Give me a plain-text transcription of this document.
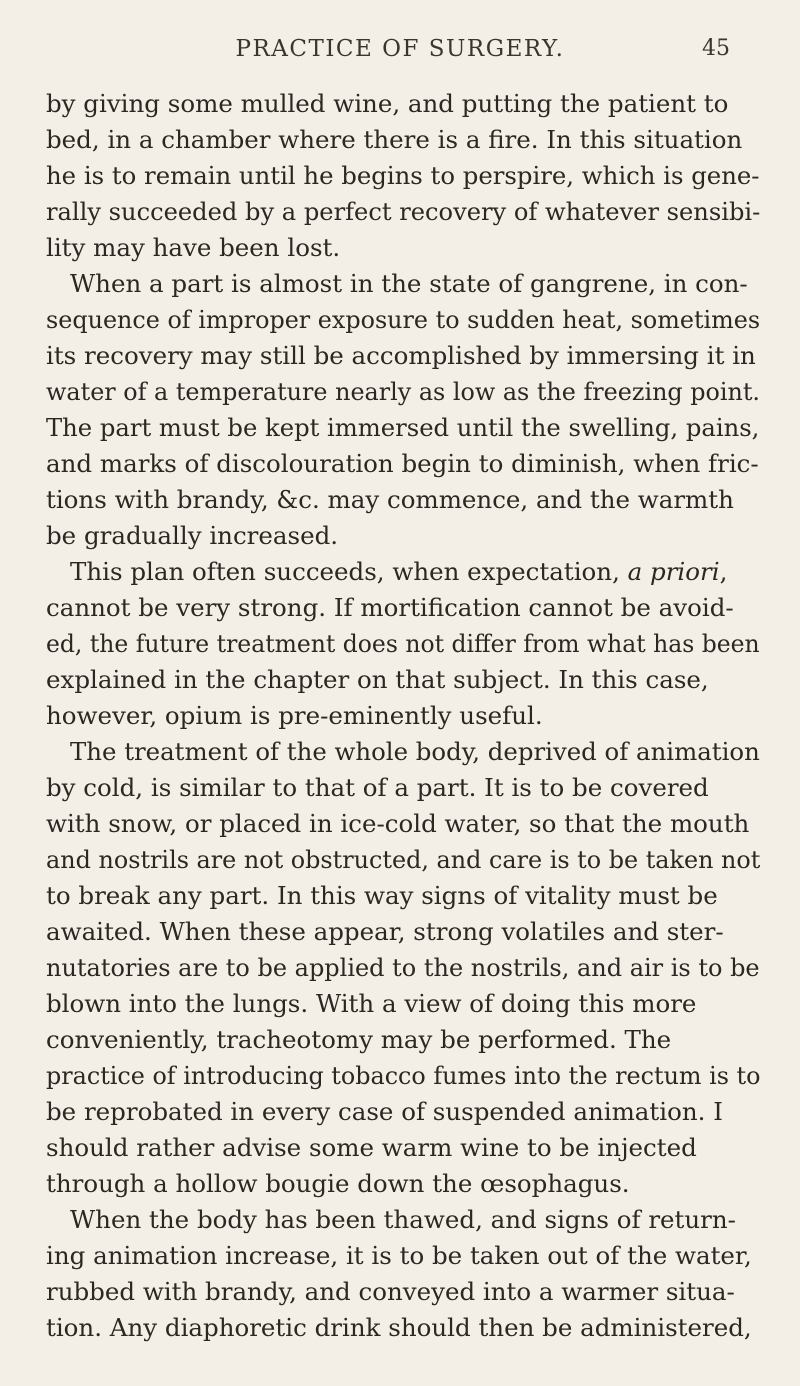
PRACTICE OF SURGERY.	45
by giving some mulled wine, and putting the patient to
bed, in a chamber where there is a fire. In this situation
he is to remain until he begins to perspire, which is gene-
rally succeeded by a perfect recovery of whatever sensibi-
lity may have been lost.
When a part is almost in the state of gangrene, in con-
sequence of improper exposure to sudden heat, sometimes
its recovery may still be accomplished by immersing it in
water of a temperature nearly as low as the freezing point.
The part must be kept immersed until the swelling, pains,
and marks of discolouration begin to diminish, when fric-
tions with brandy, &c. may commence, and the warmth
be gradually increased.
This plan often succeeds, when expectation, a priori,
cannot be very strong. If mortification cannot be avoid-
ed, the future treatment does not differ from what has been
explained in the chapter on that subject. In this case,
however, opium is pre-eminently useful.
The treatment of the whole body, deprived of animation
by cold, is similar to that of a part. It is to be covered
with snow, or placed in ice-cold water, so that the mouth
and nostrils are not obstructed, and care is to be taken not
to break any part. In this way signs of vitality must be
awaited. When these appear, strong volatiles and ster-
nutatories are to be applied to the nostrils, and air is to be
blown into the lungs. With a view of doing this more
conveniently, tracheotomy may be performed. The
practice of introducing tobacco fumes into the rectum is to
be reprobated in every case of suspended animation. I
should rather advise some warm wine to be injected
through a hollow bougie down the œsophagus.
When the body has been thawed, and signs of return-
ing animation increase, it is to be taken out of the water,
rubbed with brandy, and conveyed into a warmer situa-
tion. Any diaphoretic drink should then be administered,
